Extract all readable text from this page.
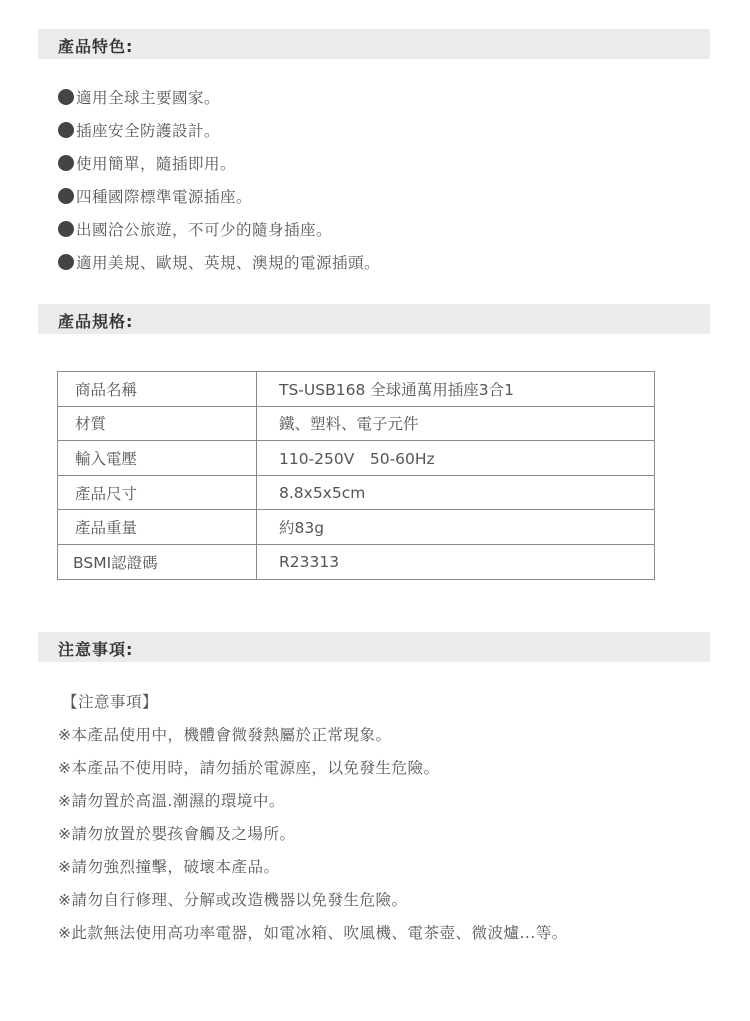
產品特色:
適用全球主要國家。
插座安全防護設計。
使用簡單，隨插即用。
四種國際標準電源插座。
出國洽公旅遊，不可少的隨身插座。
適用美規、歐規、英規、澳規的電源插頭。
產品規格:
商品名稱	TS-USB168 全球通萬用插座3合1
材質	鐵、塑料、電子元件
輸入電壓	110-250V　50-60Hz
產品尺寸	8.8x5x5cm
產品重量	約83g
BSMI認證碼	R23313
注意事項:
【注意事項】
※本產品使用中，機體會微發熱屬於正常現象。
※本產品不使用時，請勿插於電源座，以免發生危險。
※請勿置於高溫.潮濕的環境中。
※請勿放置於嬰孩會觸及之場所。
※請勿強烈撞擊，破壞本產品。
※請勿自行修理、分解或改造機器以免發生危險。
※此款無法使用高功率電器，如電冰箱、吹風機、電茶壺、微波爐...等。
